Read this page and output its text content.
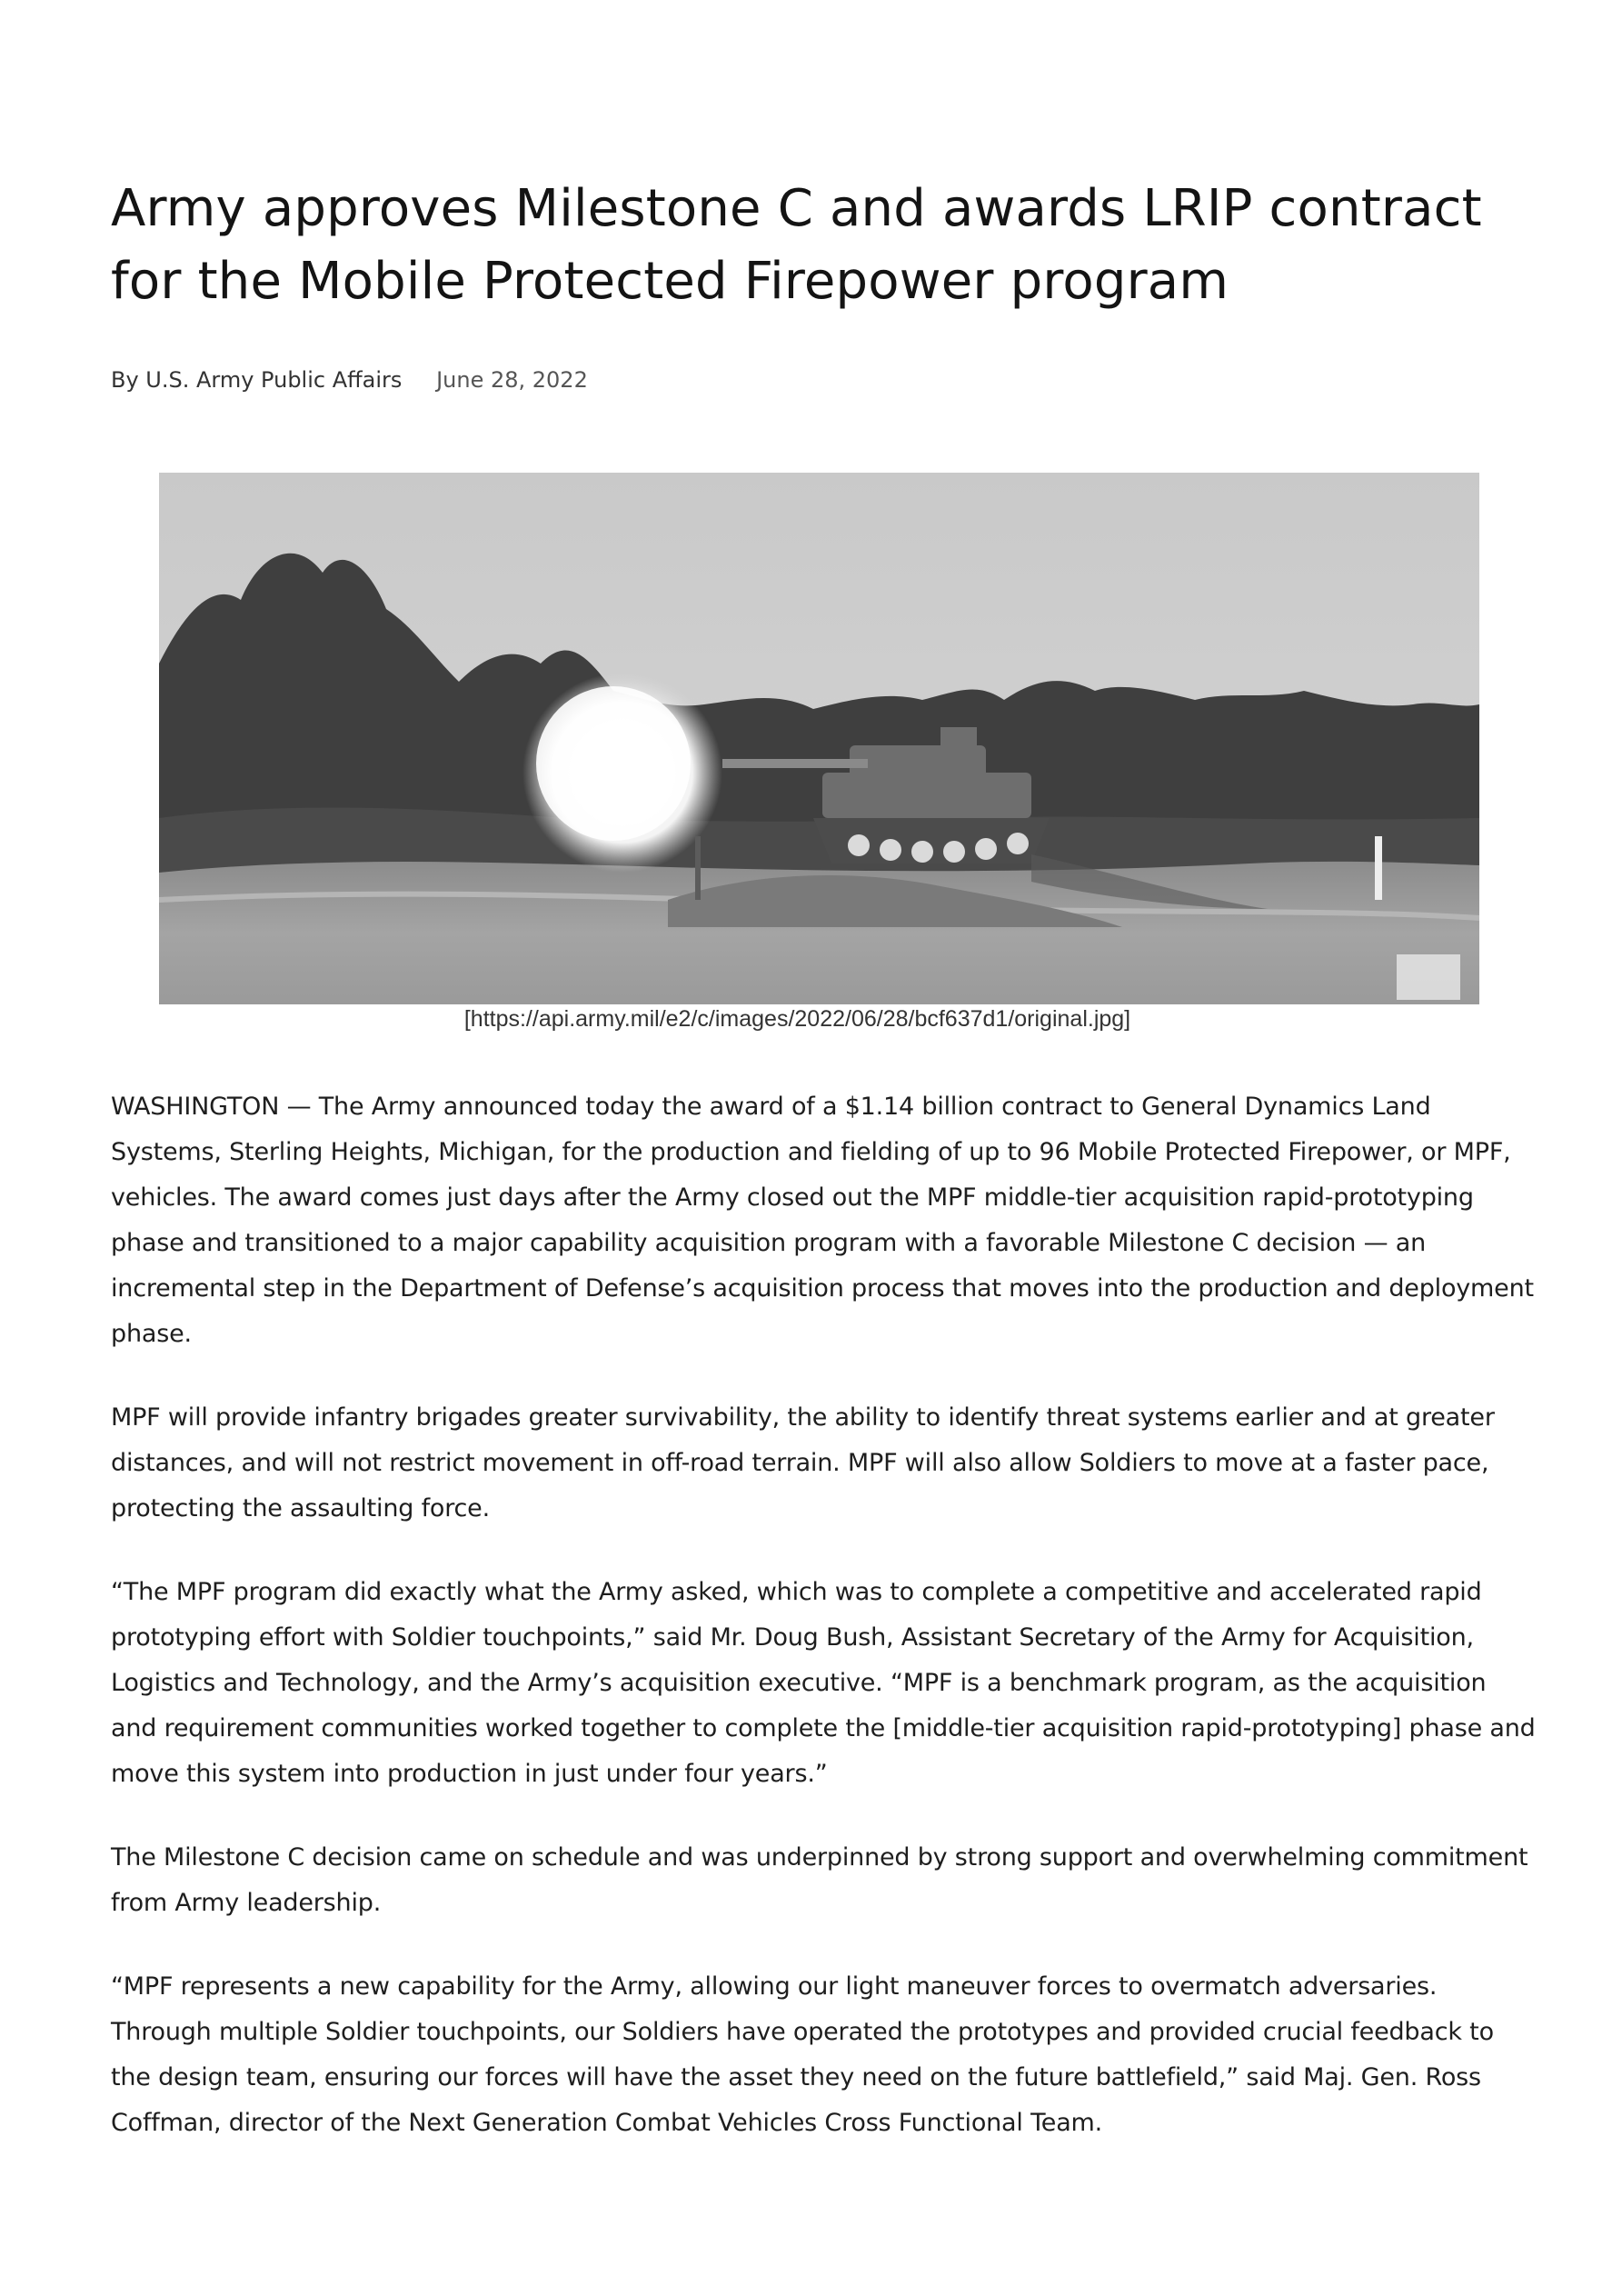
Army approves Milestone C and awards LRIP contract for the Mobile Protected Firepower program
By U.S. Army Public Affairs June 28, 2022
[https://api.army.mil/e2/c/images/2022/06/28/bcf637d1/original.jpg]

WASHINGTON — The Army announced today the award of a $1.14 billion contract to General Dynamics Land Systems, Sterling Heights, Michigan, for the production and fielding of up to 96 Mobile Protected Firepower, or MPF, vehicles. The award comes just days after the Army closed out the MPF middle-tier acquisition rapid-prototyping phase and transitioned to a major capability acquisition program with a favorable Milestone C decision — an incremental step in the Department of Defense’s acquisition process that moves into the production and deployment phase.

MPF will provide infantry brigades greater survivability, the ability to identify threat systems earlier and at greater distances, and will not restrict movement in off-road terrain. MPF will also allow Soldiers to move at a faster pace, protecting the assaulting force.

“The MPF program did exactly what the Army asked, which was to complete a competitive and accelerated rapid prototyping effort with Soldier touchpoints,” said Mr. Doug Bush, Assistant Secretary of the Army for Acquisition, Logistics and Technology, and the Army’s acquisition executive. “MPF is a benchmark program, as the acquisition and requirement communities worked together to complete the [middle-tier acquisition rapid-prototyping] phase and move this system into production in just under four years.”

The Milestone C decision came on schedule and was underpinned by strong support and overwhelming commitment from Army leadership.

“MPF represents a new capability for the Army, allowing our light maneuver forces to overmatch adversaries. Through multiple Soldier touchpoints, our Soldiers have operated the prototypes and provided crucial feedback to the design team, ensuring our forces will have the asset they need on the future battlefield,” said Maj. Gen. Ross Coffman, director of the Next Generation Combat Vehicles Cross Functional Team.
